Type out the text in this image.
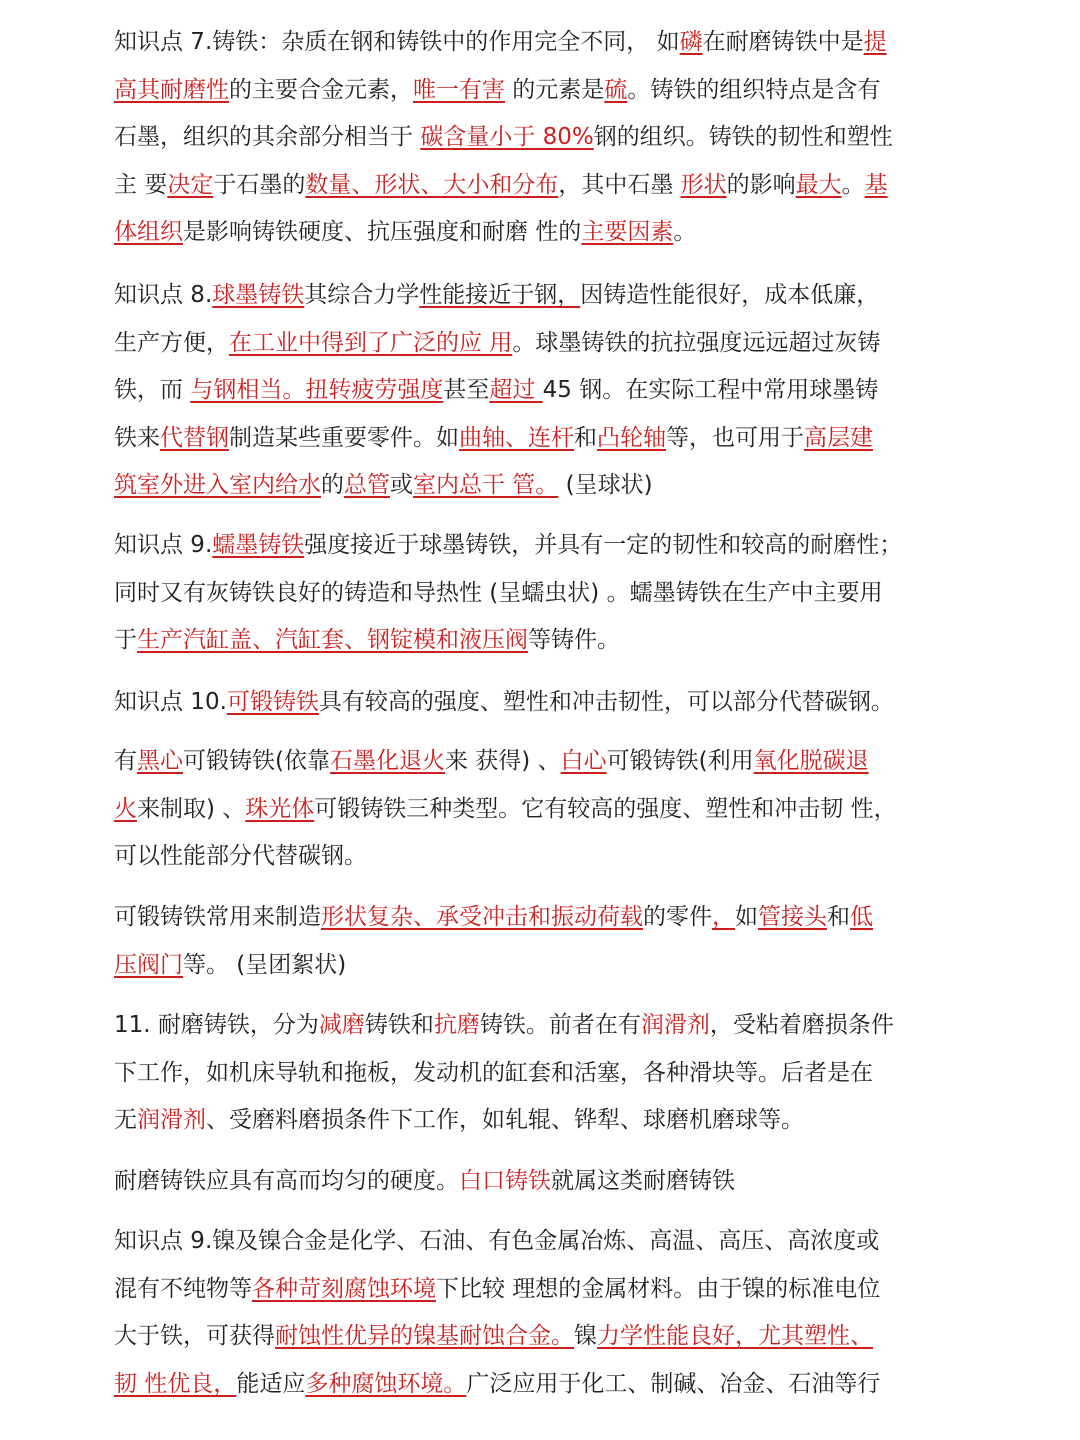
知识点 7.铸铁：杂质在钢和铸铁中的作用完全不同， 如磷在耐磨铸铁中是提
高其耐磨性的主要合金元素，唯一有害 的元素是硫。铸铁的组织特点是含有
石墨，组织的其余部分相当于 碳含量小于 80%钢的组织。铸铁的韧性和塑性
主 要决定于石墨的数量、形状、大小和分布，其中石墨 形状的影响最大。基
体组织是影响铸铁硬度、抗压强度和耐磨 性的主要因素。
知识点 8.球墨铸铁其综合力学性能接近于钢，因铸造性能很好，成本低廉，
生产方便，在工业中得到了广泛的应 用。球墨铸铁的抗拉强度远远超过灰铸
铁，而 与钢相当。扭转疲劳强度甚至超过 45 钢。在实际工程中常用球墨铸
铁来代替钢制造某些重要零件。如曲轴、连杆和凸轮轴等，也可用于高层建
筑室外进入室内给水的总管或室内总干 管。 (呈球状)
知识点 9.蠕墨铸铁强度接近于球墨铸铁，并具有一定的韧性和较高的耐磨性；
同时又有灰铸铁良好的铸造和导热性 (呈蠕虫状) 。蠕墨铸铁在生产中主要用
于生产汽缸盖、汽缸套、钢锭模和液压阀等铸件。
知识点 10.可锻铸铁具有较高的强度、塑性和冲击韧性，可以部分代替碳钢。
有黑心可锻铸铁(依靠石墨化退火来 获得) 、白心可锻铸铁(利用氧化脱碳退
火来制取) 、珠光体可锻铸铁三种类型。它有较高的强度、塑性和冲击韧 性，
可以性能部分代替碳钢。
可锻铸铁常用来制造形状复杂、承受冲击和振动荷载的零件，如管接头和低
压阀门等。 (呈团絮状)
11. 耐磨铸铁，分为减磨铸铁和抗磨铸铁。前者在有润滑剂，受粘着磨损条件
下工作，如机床导轨和拖板，发动机的缸套和活塞，各种滑块等。后者是在
无润滑剂、受磨料磨损条件下工作，如轧辊、铧犁、球磨机磨球等。
耐磨铸铁应具有高而均匀的硬度。白口铸铁就属这类耐磨铸铁
知识点 9.镍及镍合金是化学、石油、有色金属冶炼、高温、高压、高浓度或
混有不纯物等各种苛刻腐蚀环境下比较 理想的金属材料。由于镍的标准电位
大于铁，可获得耐蚀性优异的镍基耐蚀合金。镍力学性能良好，尤其塑性、
韧 性优良，能适应多种腐蚀环境。广泛应用于化工、制碱、冶金、石油等行
